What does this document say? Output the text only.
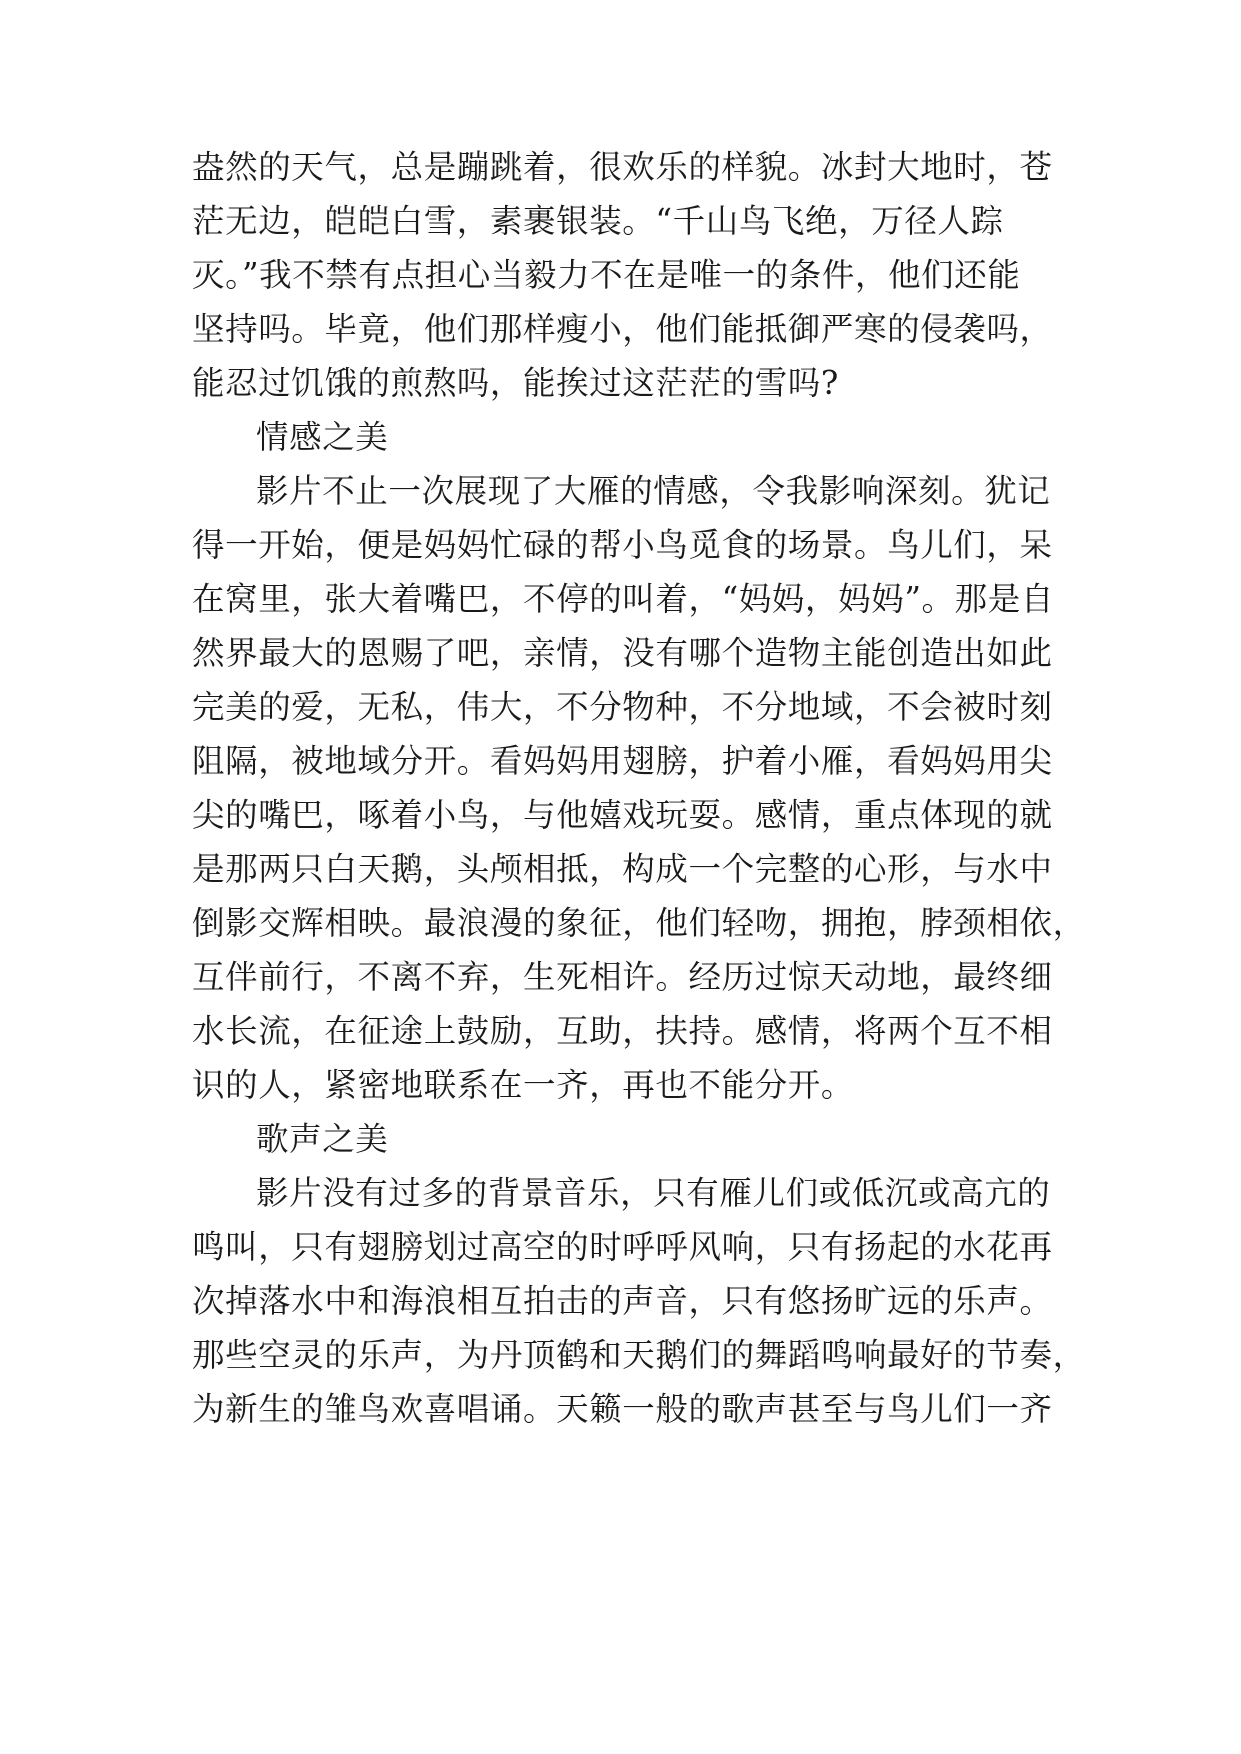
盎然的天气，总是蹦跳着，很欢乐的样貌。冰封大地时，苍
茫无边，皑皑白雪，素裹银装。“千山鸟飞绝，万径人踪
灭。”我不禁有点担心当毅力不在是唯一的条件，他们还能
坚持吗。毕竟，他们那样瘦小，他们能抵御严寒的侵袭吗，
能忍过饥饿的煎熬吗，能挨过这茫茫的雪吗?
情感之美
影片不止一次展现了大雁的情感，令我影响深刻。犹记
得一开始，便是妈妈忙碌的帮小鸟觅食的场景。鸟儿们，呆
在窝里，张大着嘴巴，不停的叫着，“妈妈，妈妈”。那是自
然界最大的恩赐了吧，亲情，没有哪个造物主能创造出如此
完美的爱，无私，伟大，不分物种，不分地域，不会被时刻
阻隔，被地域分开。看妈妈用翅膀，护着小雁，看妈妈用尖
尖的嘴巴，啄着小鸟，与他嬉戏玩耍。感情，重点体现的就
是那两只白天鹅，头颅相抵，构成一个完整的心形，与水中
倒影交辉相映。最浪漫的象征，他们轻吻，拥抱，脖颈相依，
互伴前行，不离不弃，生死相许。经历过惊天动地，最终细
水长流，在征途上鼓励，互助，扶持。感情，将两个互不相
识的人，紧密地联系在一齐，再也不能分开。
歌声之美
影片没有过多的背景音乐，只有雁儿们或低沉或高亢的
鸣叫，只有翅膀划过高空的时呼呼风响，只有扬起的水花再
次掉落水中和海浪相互拍击的声音，只有悠扬旷远的乐声。
那些空灵的乐声，为丹顶鹤和天鹅们的舞蹈鸣响最好的节奏，
为新生的雏鸟欢喜唱诵。天籁一般的歌声甚至与鸟儿们一齐
